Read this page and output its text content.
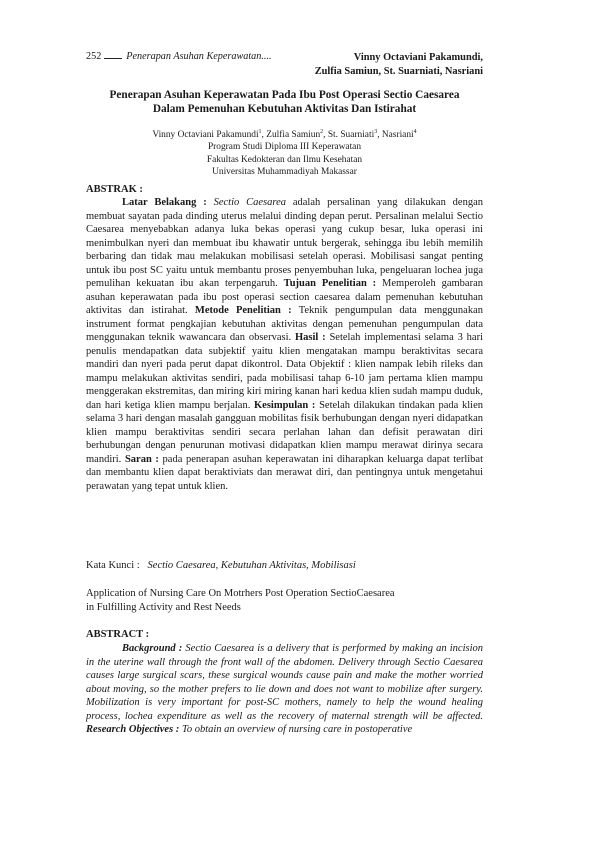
252 Penerapan Asuhan Keperawatan....	Vinny Octaviani Pakamundi,
Zulfia Samiun, St. Suarniati, Nasriani
Penerapan Asuhan Keperawatan Pada Ibu Post Operasi Sectio Caesarea
Dalam Pemenuhan Kebutuhan Aktivitas Dan Istirahat
Vinny Octaviani Pakamundi$^1$, Zulfia Samiun$^2$, St. Suarniati$^3$, Nasriani$^4$
Program Studi Diploma III Keperawatan
Fakultas Kedokteran dan Ilmu Kesehatan
Universitas Muhammadiyah Makassar
ABSTRAK :
Latar Belakang : Sectio Caesarea adalah persalinan yang dilakukan dengan membuat sayatan pada dinding uterus melalui dinding depan perut. Persalinan melalui Sectio Caesarea menyebabkan adanya luka bekas operasi yang cukup besar, luka operasi ini menimbulkan nyeri dan membuat ibu khawatir untuk bergerak, sehingga ibu lebih memilih berbaring dan tidak mau melakukan mobilisasi setelah operasi. Mobilisasi sangat penting untuk ibu post SC yaitu untuk membantu proses penyembuhan luka, pengeluaran lochea juga pemulihan kekuatan ibu akan terpengaruh. Tujuan Penelitian : Memperoleh gambaran asuhan keperawatan pada ibu post operasi section caesarea dalam pemenuhan kebutuhan aktivitas dan istirahat. Metode Penelitian : Teknik pengumpulan data menggunakan instrument format pengkajian kebutuhan aktivitas dengan pemenuhan pengumpulan data menggunakan teknik wawancara dan observasi. Hasil : Setelah implementasi selama 3 hari penulis mendapatkan data subjektif yaitu klien mengatakan mampu beraktivitas secara mandiri dan nyeri pada perut dapat dikontrol. Data Objektif : klien nampak lebih rileks dan mampu melakukan aktivitas sendiri, pada mobilisasi tahap 6-10 jam pertama klien mampu menggerakan ekstremitas, dan miring kiri miring kanan hari kedua klien sudah mampu duduk, dan hari ketiga klien mampu berjalan. Kesimpulan : Setelah dilakukan tindakan pada klien selama 3 hari dengan masalah gangguan mobilitas fisik berhubungan dengan nyeri didapatkan klien mampu beraktivitas sendiri secara perlahan lahan dan defisit perawatan diri berhubungan dengan penurunan motivasi didapatkan klien mampu merawat dirinya secara mandiri. Saran : pada penerapan asuhan keperawatan ini diharapkan keluarga dapat terlibat dan membantu klien dapat beraktiviats dan merawat diri, dan pentingnya untuk mengetahui perawatan yang tepat untuk klien.
Kata Kunci : Sectio Caesarea, Kebutuhan Aktivitas, Mobilisasi
Application of Nursing Care On Motrhers Post Operation SectioCaesarea
in Fulfilling Activity and Rest Needs
ABSTRACT :
Background : Sectio Caesarea is a delivery that is performed by making an incision in the uterine wall through the front wall of the abdomen. Delivery through Sectio Caesarea causes large surgical scars, these surgical wounds cause pain and make the mother worried about moving, so the mother prefers to lie down and does not want to mobilize after surgery. Mobilization is very important for post-SC mothers, namely to help the wound healing process, lochea expenditure as well as the recovery of maternal strength will be affected. Research Objectives : To obtain an overview of nursing care in postoperative
